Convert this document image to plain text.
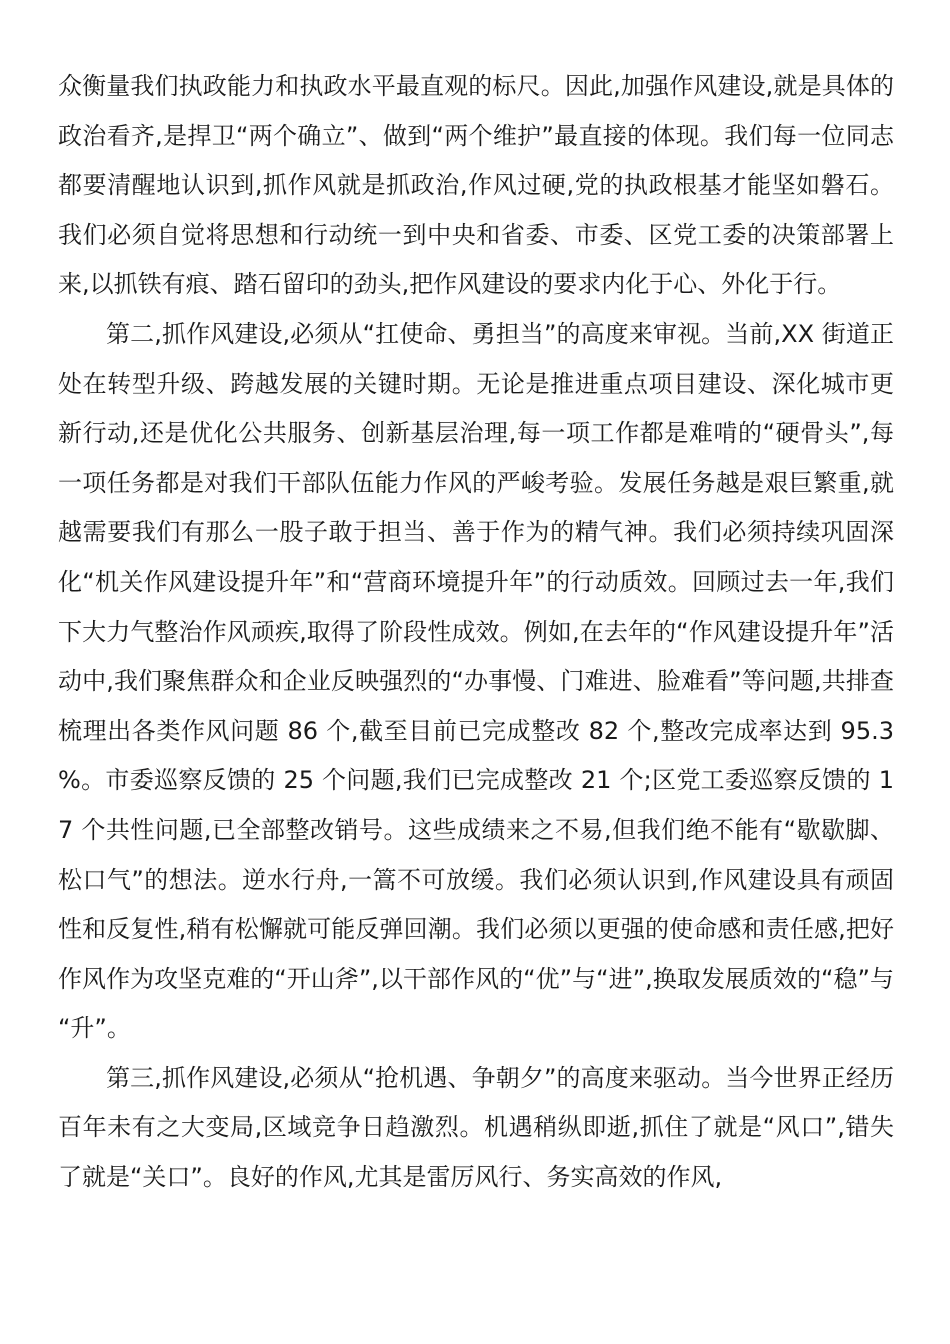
众衡量我们执政能力和执政水平最直观的标尺。因此,加强作风建设,就是具体的政治看齐,是捍卫“两个确立”、做到“两个维护”最直接的体现。我们每一位同志都要清醒地认识到,抓作风就是抓政治,作风过硬,党的执政根基才能坚如磐石。我们必须自觉将思想和行动统一到中央和省委、市委、区党工委的决策部署上来,以抓铁有痕、踏石留印的劲头,把作风建设的要求内化于心、外化于行。

第二,抓作风建设,必须从“扛使命、勇担当”的高度来审视。当前,XX 街道正处在转型升级、跨越发展的关键时期。无论是推进重点项目建设、深化城市更新行动,还是优化公共服务、创新基层治理,每一项工作都是难啃的“硬骨头”,每一项任务都是对我们干部队伍能力作风的严峻考验。发展任务越是艰巨繁重,就越需要我们有那么一股子敢于担当、善于作为的精气神。我们必须持续巩固深化“机关作风建设提升年”和“营商环境提升年”的行动质效。回顾过去一年,我们下大力气整治作风顽疾,取得了阶段性成效。例如,在去年的“作风建设提升年”活动中,我们聚焦群众和企业反映强烈的“办事慢、门难进、脸难看”等问题,共排查梳理出各类作风问题 86 个,截至目前已完成整改 82 个,整改完成率达到 95.3%。市委巡察反馈的 25 个问题,我们已完成整改 21 个;区党工委巡察反馈的 17 个共性问题,已全部整改销号。这些成绩来之不易,但我们绝不能有“歇歇脚、松口气”的想法。逆水行舟,一篙不可放缓。我们必须认识到,作风建设具有顽固性和反复性,稍有松懈就可能反弹回潮。我们必须以更强的使命感和责任感,把好作风作为攻坚克难的“开山斧”,以干部作风的“优”与“进”,换取发展质效的“稳”与“升”。

第三,抓作风建设,必须从“抢机遇、争朝夕”的高度来驱动。当今世界正经历百年未有之大变局,区域竞争日趋激烈。机遇稍纵即逝,抓住了就是“风口”,错失了就是“关口”。良好的作风,尤其是雷厉风行、务实高效的作风,
